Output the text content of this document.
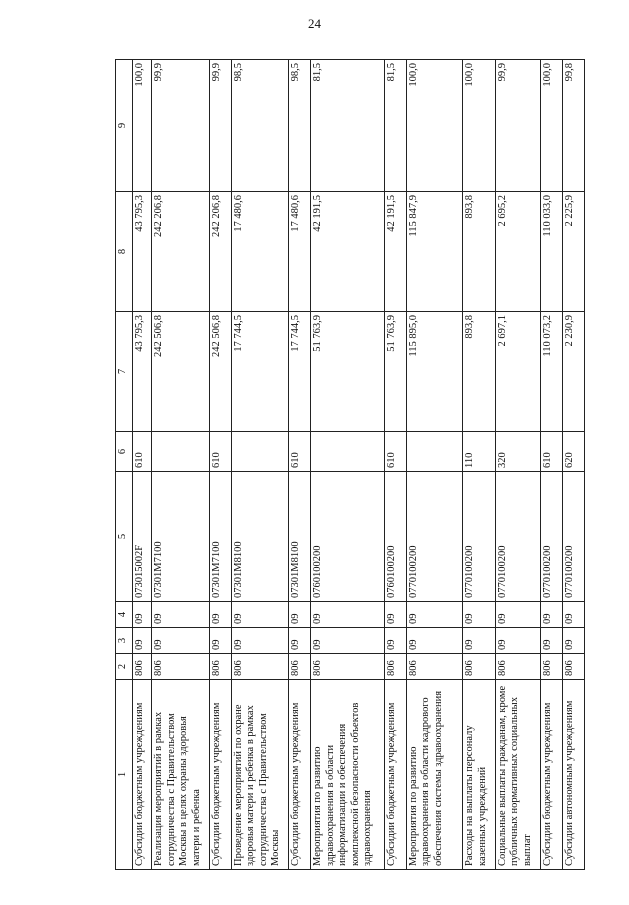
24
1	2	3	4	5	6	7	8	9
Субсидии бюджетным учреждениям	806	09	09	073015002F	610	43 795,3	43 795,3	100,0
Реализация мероприятий в рамках сотрудничества с Правительством Москвы в целях охраны здоровья матери и ребенка	806	09	09	07301M7100		242 506,8	242 206,8	99,9
Субсидии бюджетным учреждениям	806	09	09	07301M7100	610	242 506,8	242 206,8	99,9
Проведение мероприятий по охране здоровья матери и ребенка в рамках сотрудничества с Правительством Москвы	806	09	09	07301M8100		17 744,5	17 480,6	98,5
Субсидии бюджетным учреждениям	806	09	09	07301M8100	610	17 744,5	17 480,6	98,5
Мероприятия по развитию здравоохранения в области информатизации и обеспечения комплексной безопасности объектов здравоохранения	806	09	09	0760100200		51 763,9	42 191,5	81,5
Субсидии бюджетным учреждениям	806	09	09	0760100200	610	51 763,9	42 191,5	81,5
Мероприятия по развитию здравоохранения в области кадрового обеспечения системы здравоохранения	806	09	09	0770100200		115 895,0	115 847,9	100,0
Расходы на выплаты персоналу казенных учреждений	806	09	09	0770100200	110	893,8	893,8	100,0
Социальные выплаты гражданам, кроме публичных нормативных социальных выплат	806	09	09	0770100200	320	2 697,1	2 695,2	99,9
Субсидии бюджетным учреждениям	806	09	09	0770100200	610	110 073,2	110 033,0	100,0
Субсидии автономным учреждениям	806	09	09	0770100200	620	2 230,9	2 225,9	99,8
